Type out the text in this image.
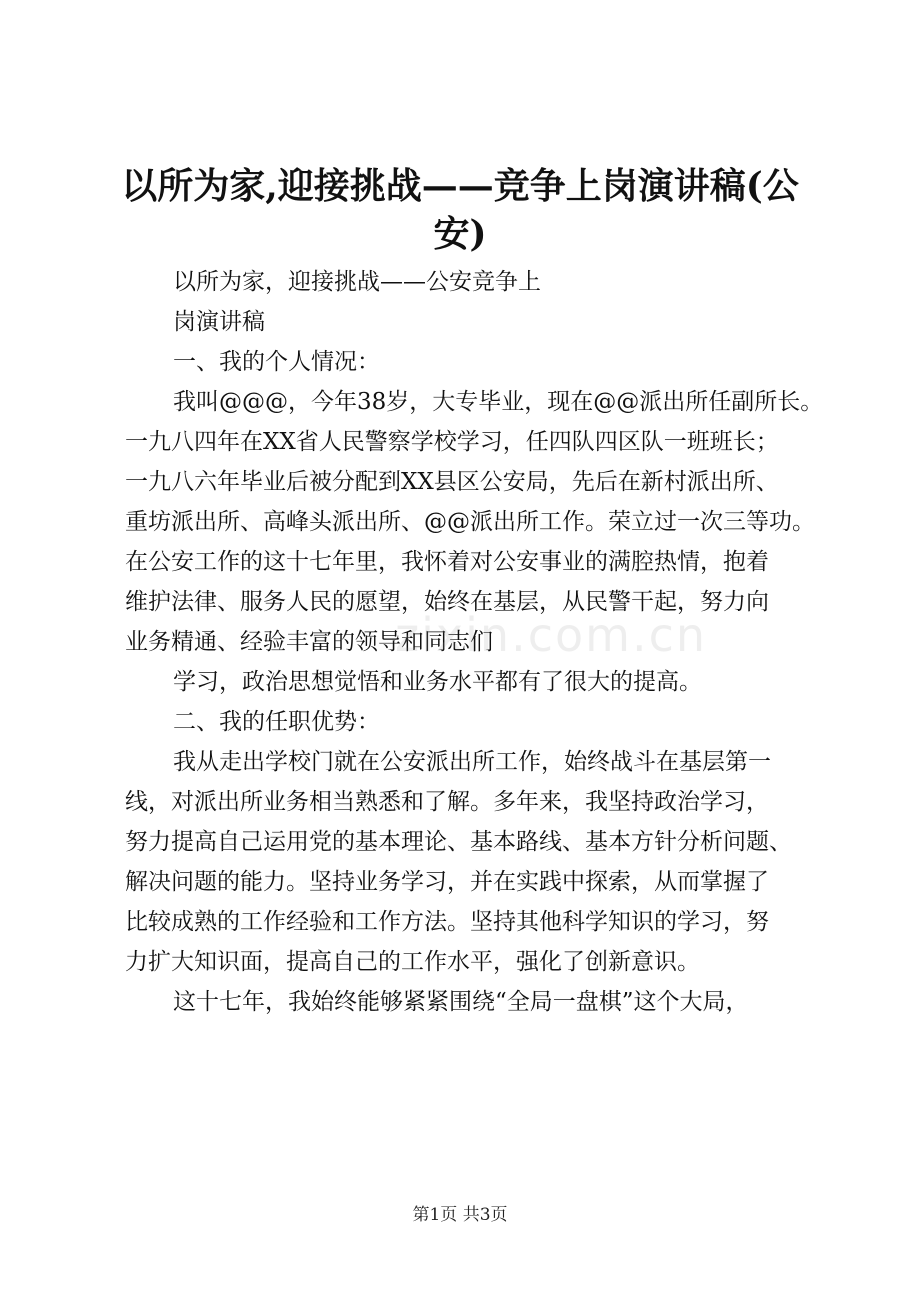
以所为家,迎接挑战——竞争上岗演讲稿(公
安)
以所为家，迎接挑战——公安竞争上
岗演讲稿
一、我的个人情况：
我叫@@@，今年38岁，大专毕业，现在@@派出所任副所长。
一九八四年在XX省人民警察学校学习，任四队四区队一班班长；
一九八六年毕业后被分配到XX县区公安局，先后在新村派出所、
重坊派出所、高峰头派出所、@@派出所工作。荣立过一次三等功。
在公安工作的这十七年里，我怀着对公安事业的满腔热情，抱着
维护法律、服务人民的愿望，始终在基层，从民警干起，努力向
业务精通、经验丰富的领导和同志们
学习，政治思想觉悟和业务水平都有了很大的提高。
二、我的任职优势：
我从走出学校门就在公安派出所工作，始终战斗在基层第一
线，对派出所业务相当熟悉和了解。多年来，我坚持政治学习，
努力提高自己运用党的基本理论、基本路线、基本方针分析问题、
解决问题的能力。坚持业务学习，并在实践中探索，从而掌握了
比较成熟的工作经验和工作方法。坚持其他科学知识的学习，努
力扩大知识面，提高自己的工作水平，强化了创新意识。
这十七年，我始终能够紧紧围绕“全局一盘棋”这个大局，
zixin.com.cn
第1页 共3页
